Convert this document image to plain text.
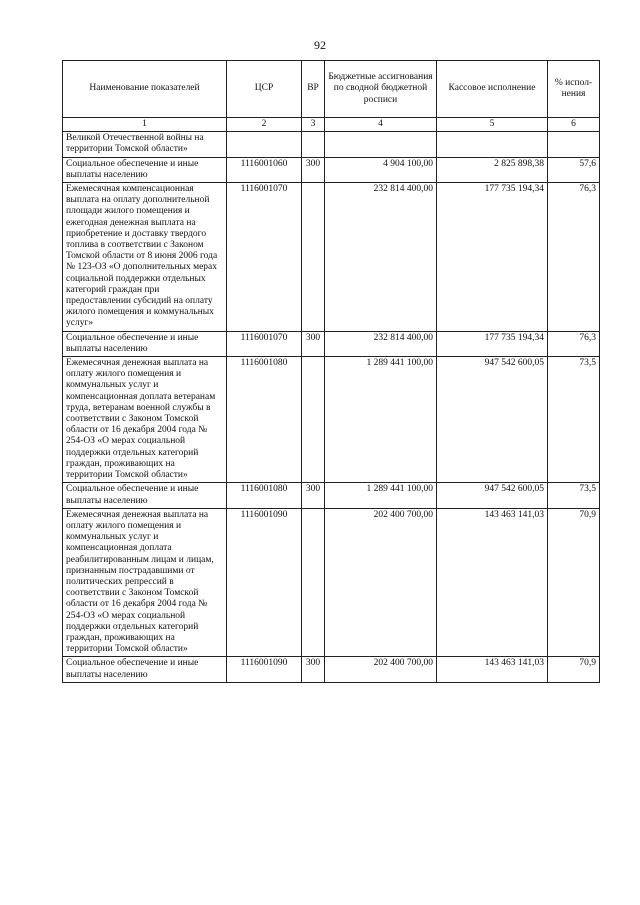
92
Наименование показателей	ЦСР	ВР	Бюджетные ассигнования по сводной бюджетной росписи	Кассовое исполнение	% испол-нения
1	2	3	4	5	6
Великой Отечественной войны на территории Томской области»					
Социальное обеспечение и иные выплаты населению	1116001060	300	4 904 100,00	2 825 898,38	57,6
Ежемесячная компенсационная выплата на оплату дополнительной площади жилого помещения и ежегодная денежная выплата на приобретение и доставку твердого топлива в соответствии с Законом Томской области от 8 июня 2006 года № 123-ОЗ «О дополнительных мерах социальной поддержки отдельных категорий граждан при предоставлении субсидий на оплату жилого помещения и коммунальных услуг»	1116001070		232 814 400,00	177 735 194,34	76,3
Социальное обеспечение и иные выплаты населению	1116001070	300	232 814 400,00	177 735 194,34	76,3
Ежемесячная денежная выплата на оплату жилого помещения и коммунальных услуг и компенсационная доплата ветеранам труда, ветеранам военной службы в соответствии с Законом Томской области от 16 декабря 2004 года № 254-ОЗ «О мерах социальной поддержки отдельных категорий граждан, проживающих на территории Томской области»	1116001080		1 289 441 100,00	947 542 600,05	73,5
Социальное обеспечение и иные выплаты населению	1116001080	300	1 289 441 100,00	947 542 600,05	73,5
Ежемесячная денежная выплата на оплату жилого помещения и коммунальных услуг и компенсационная доплата реабилитированным лицам и лицам, признанным пострадавшими от политических репрессий в соответствии с Законом Томской области от 16 декабря 2004 года № 254-ОЗ «О мерах социальной поддержки отдельных категорий граждан, проживающих на территории Томской области»	1116001090		202 400 700,00	143 463 141,03	70,9
Социальное обеспечение и иные выплаты населению	1116001090	300	202 400 700,00	143 463 141,03	70,9
